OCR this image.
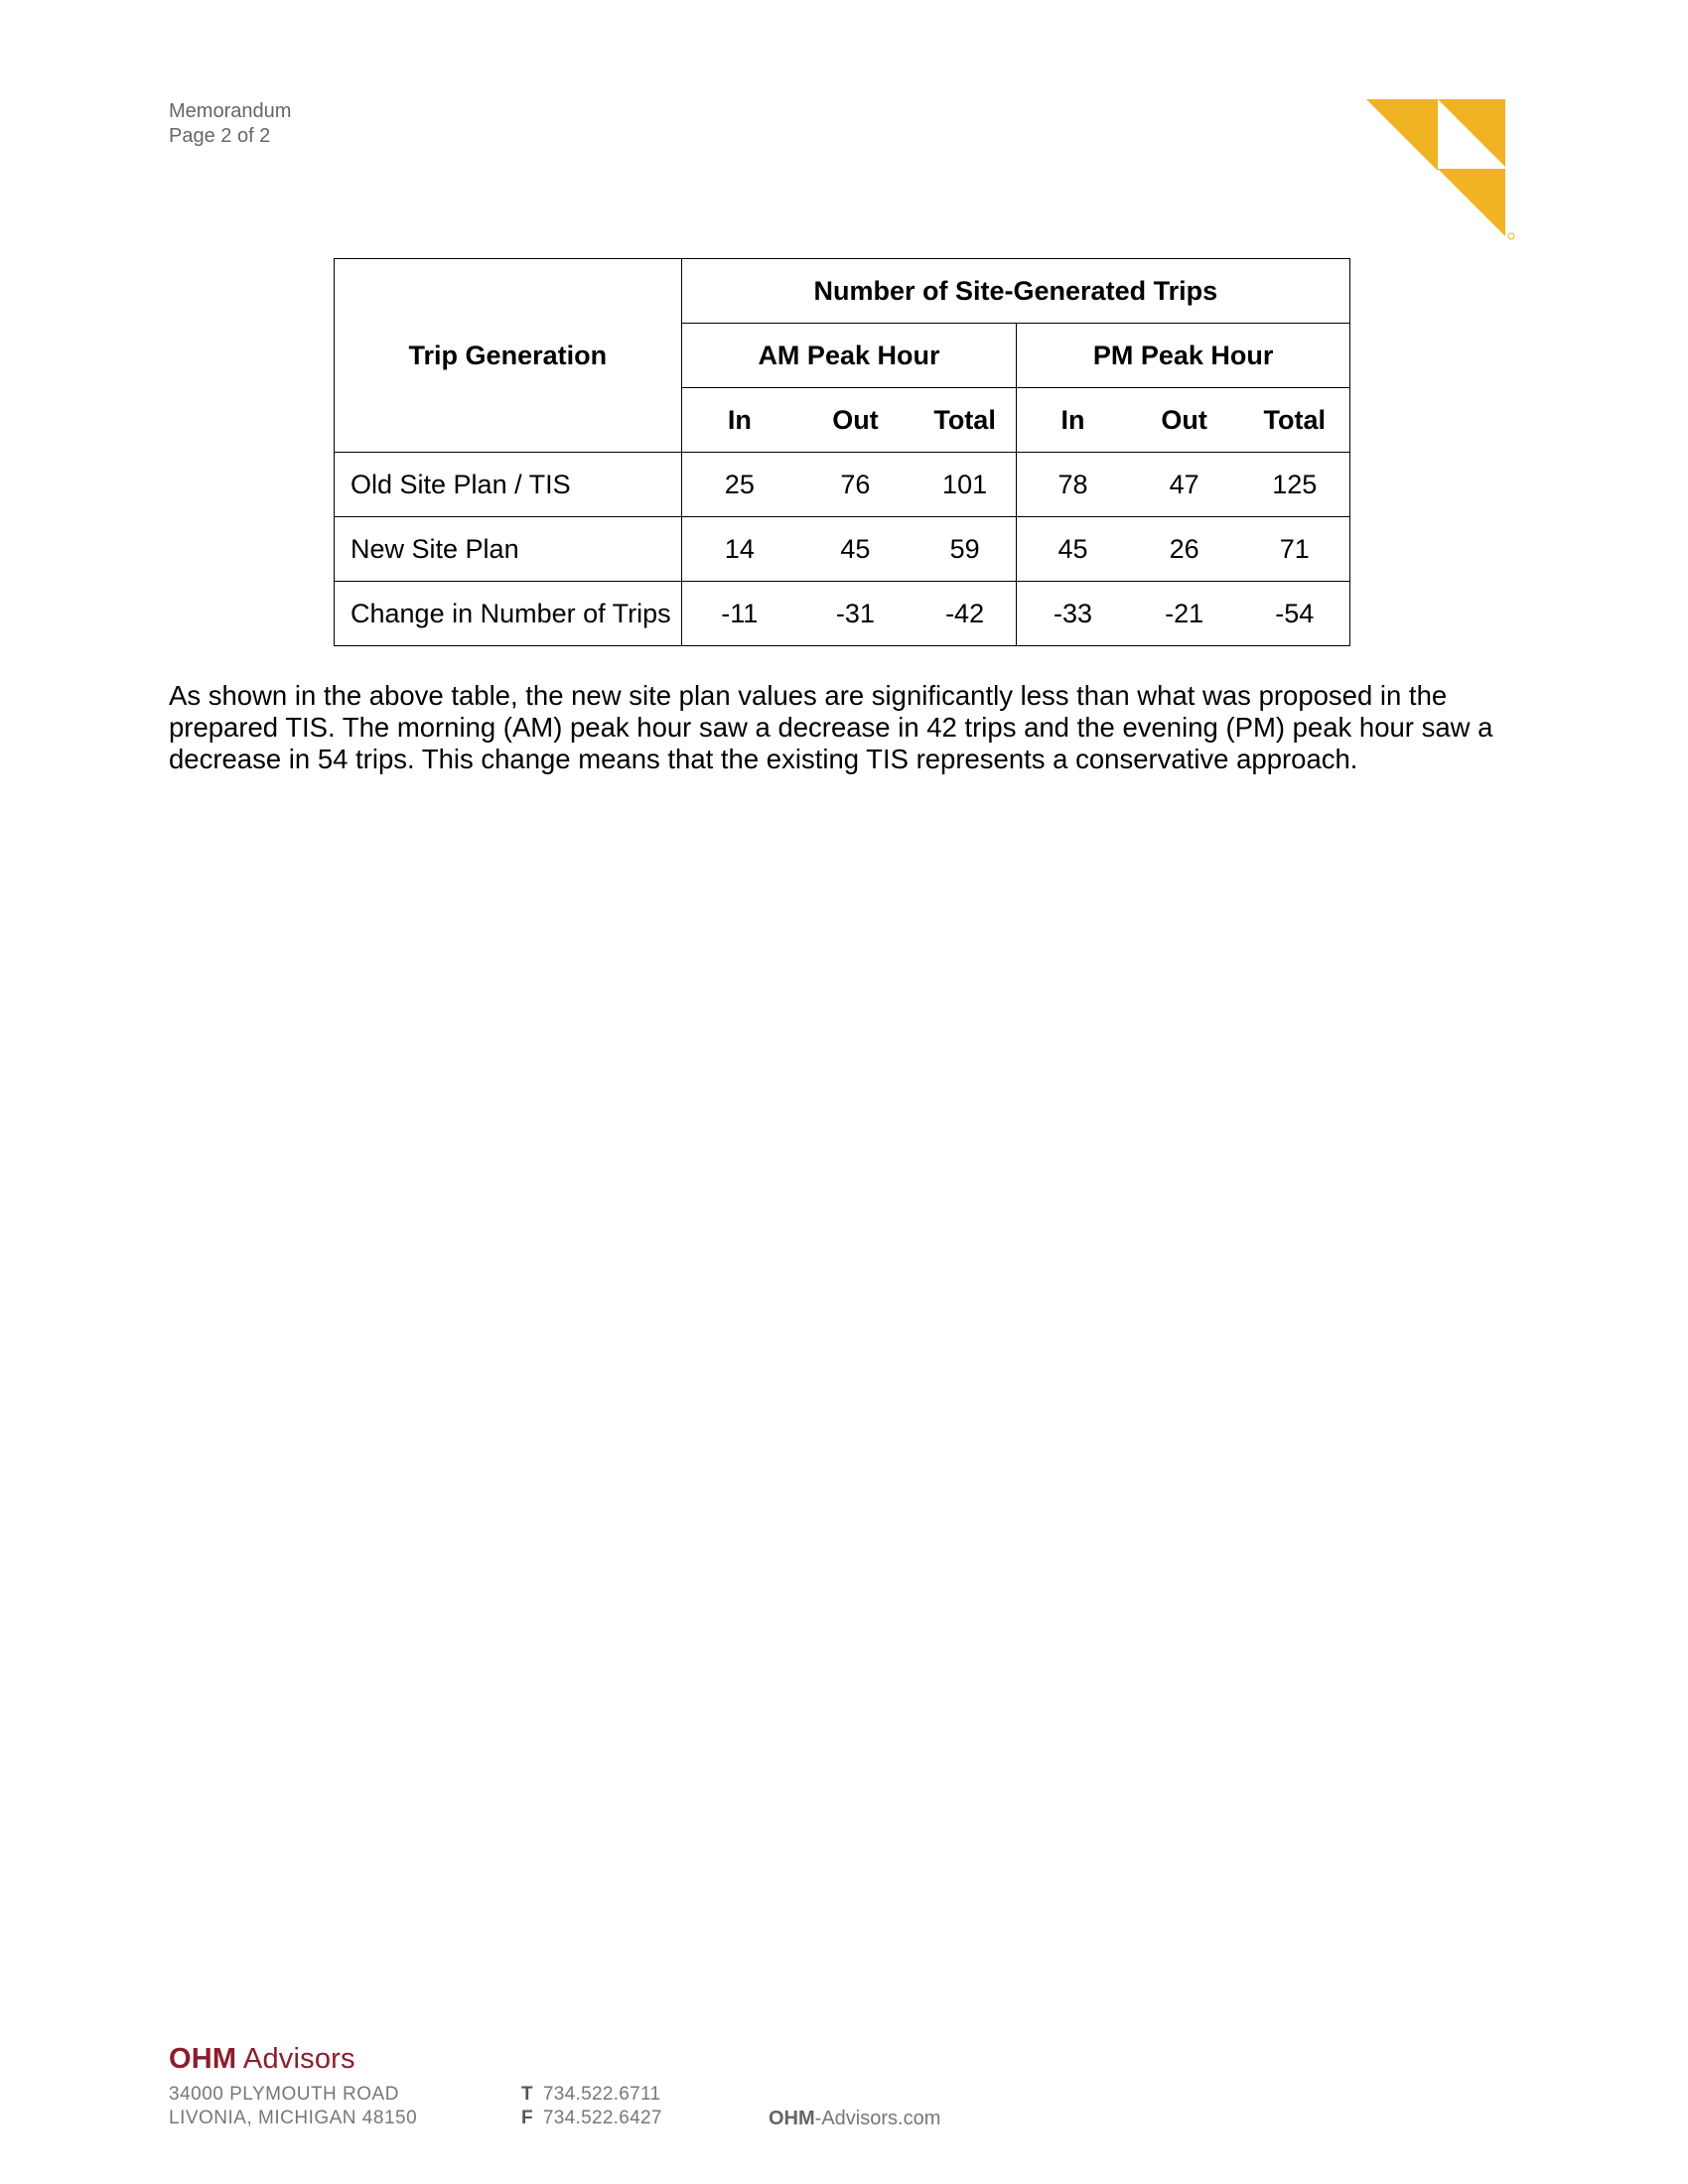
Memorandum
Page 2 of 2
Trip Generation	Number of Site-Generated Trips					
	AM Peak Hour			PM Peak Hour		
	In	Out	Total	In	Out	Total
Old Site Plan / TIS	25	76	101	78	47	125
New Site Plan	14	45	59	45	26	71
Change in Number of Trips	-11	-31	-42	-33	-21	-54

As shown in the above table, the new site plan values are significantly less than what was proposed in the prepared TIS. The morning (AM) peak hour saw a decrease in 42 trips and the evening (PM) peak hour saw a decrease in 54 trips. This change means that the existing TIS represents a conservative approach.

OHM Advisors
34000 PLYMOUTH ROAD
LIVONIA, MICHIGAN 48150
T 734.522.6711
F 734.522.6427	OHM-Advisors.com
